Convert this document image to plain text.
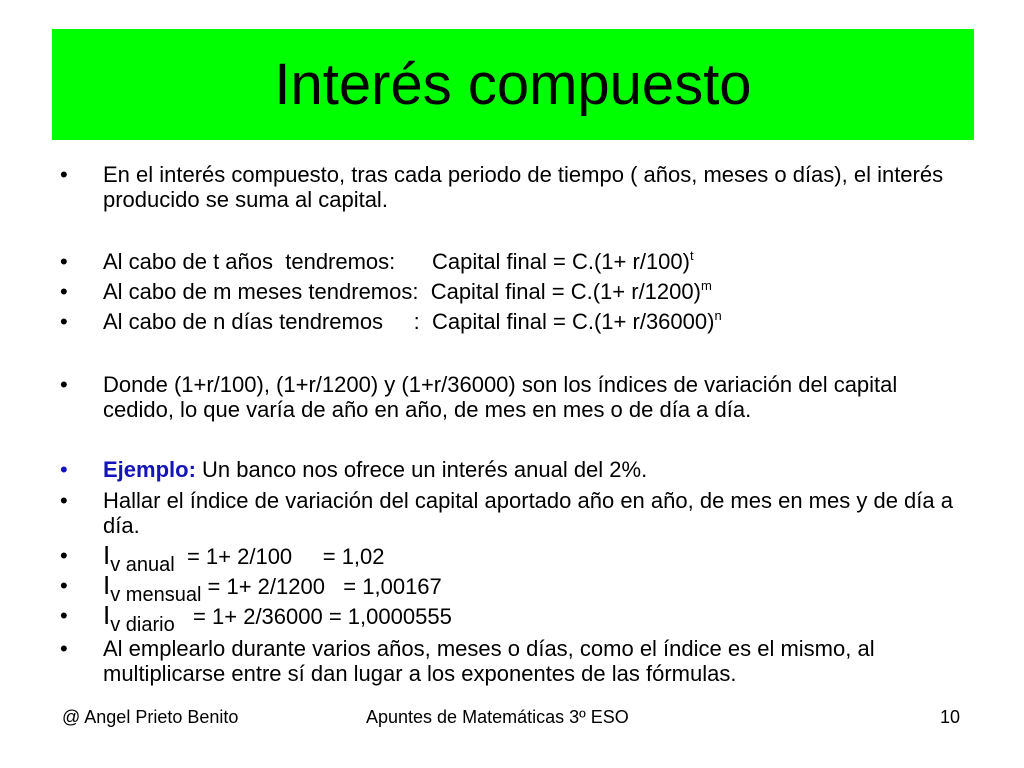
Interés compuesto
• En el interés compuesto, tras cada periodo de tiempo ( años, meses o días), el interés producido se suma al capital.
• Al cabo de t años  tendremos:      Capital final = $C.(1+ r/100)^t$
• Al cabo de m meses tendremos:  Capital final = $C.(1+ r/1200)^m$
• Al cabo de n días tendremos     :  Capital final = $C.(1+ r/36000)^n$
• Donde (1+r/100), (1+r/1200) y (1+r/36000) son los índices de variación del capital cedido, lo que varía de año en año, de mes en mes o de día a día.
• Ejemplo: Un banco nos ofrece un interés anual del 2%.
• Hallar el índice de variación del capital aportado año en año, de mes en mes y de día a día.
• Iv anual  = 1+ 2/100     = 1,02
• Iv mensual = 1+ 2/1200   = 1,00167
• Iv diario   = 1+ 2/36000 = 1,0000555
• Al emplearlo durante varios años, meses o días, como el índice es el mismo, al multiplicarse entre sí dan lugar a los exponentes de las fórmulas.
@ Angel Prieto Benito	Apuntes de Matemáticas 3º ESO	10
